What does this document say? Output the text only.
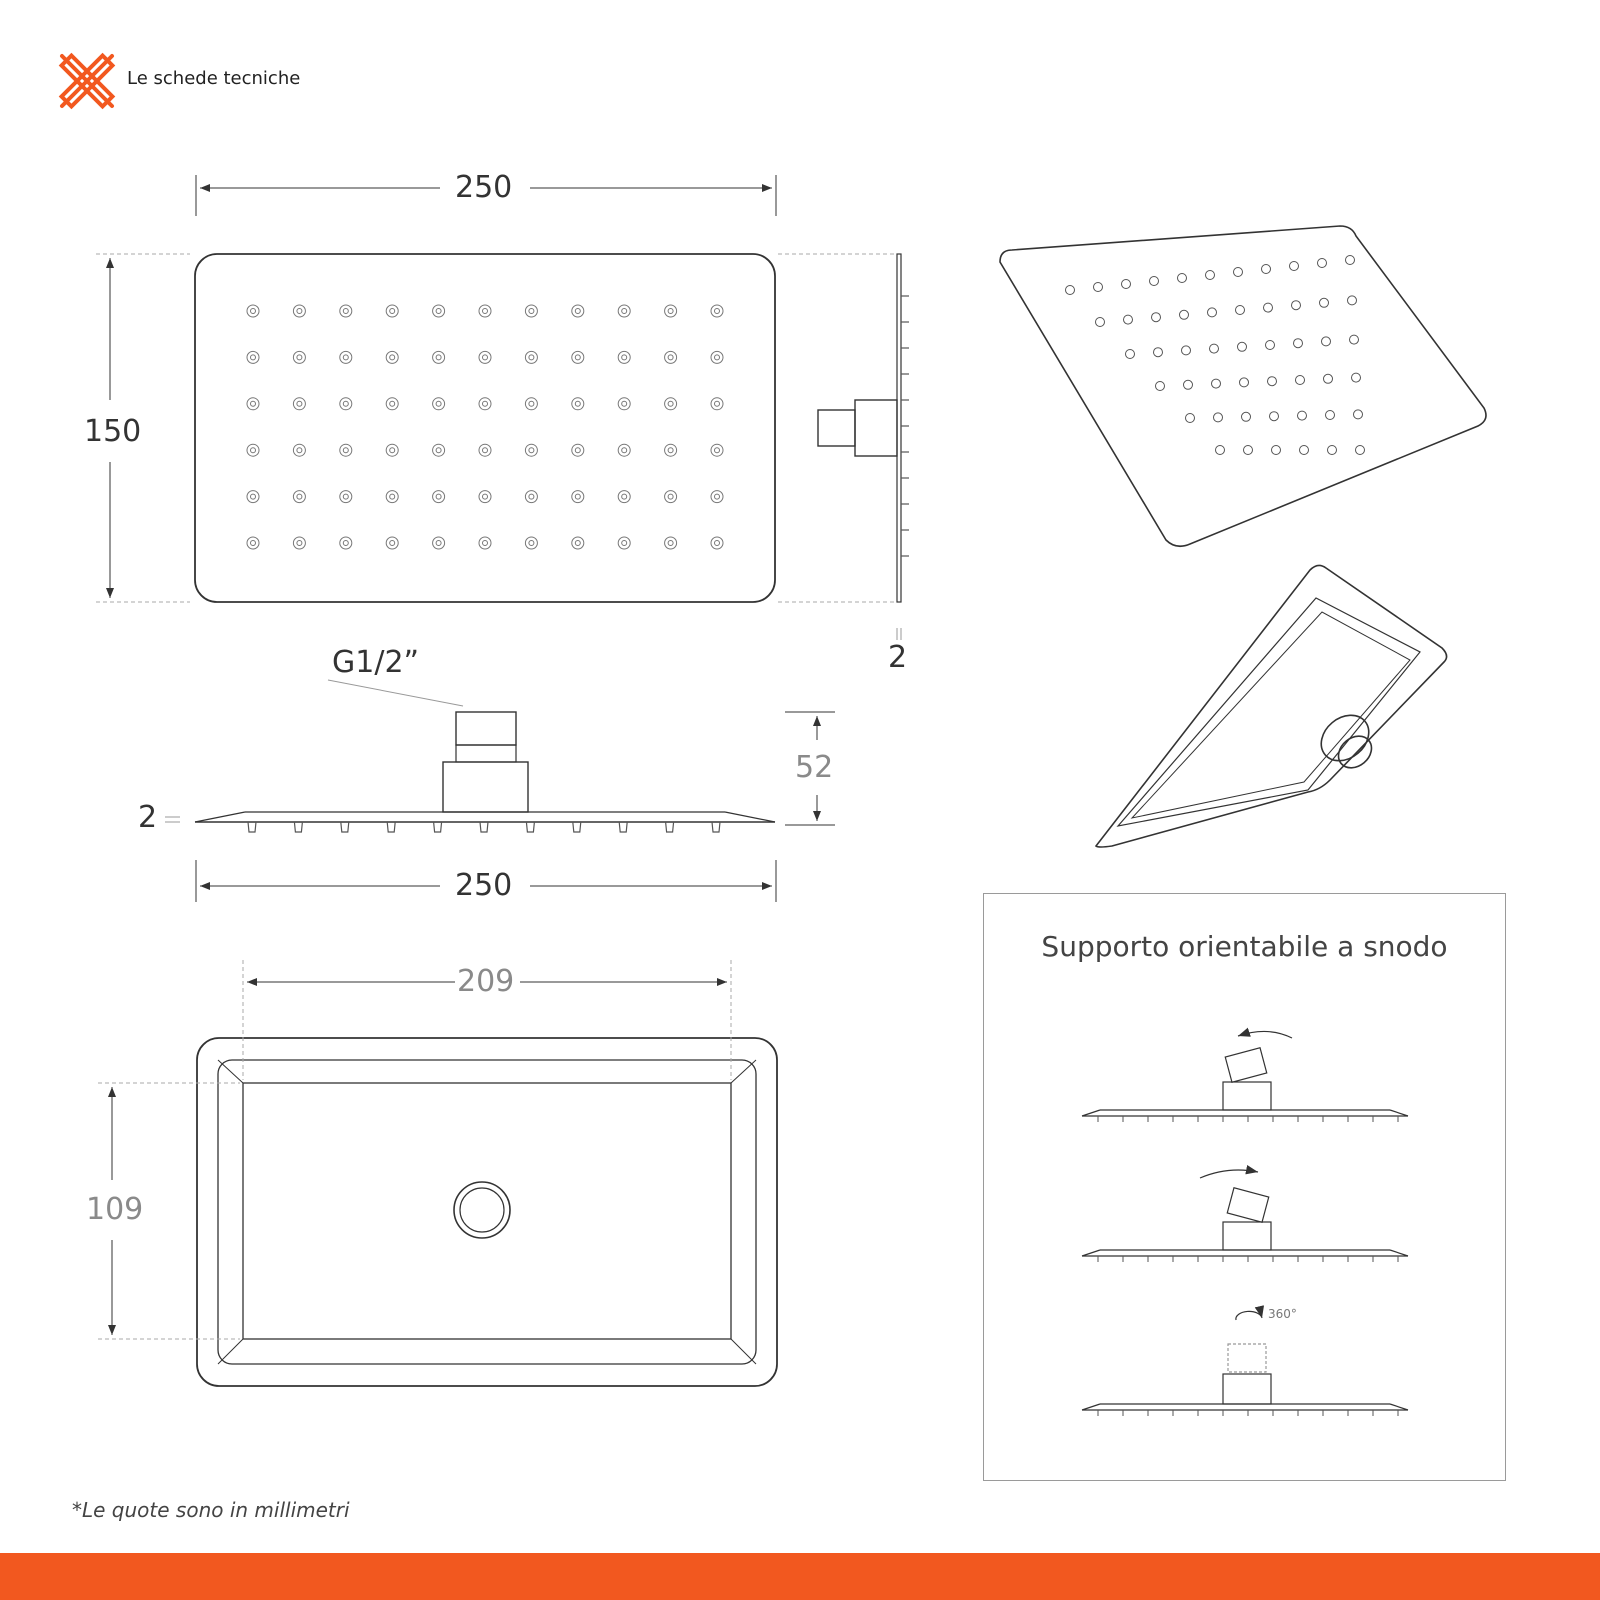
Le schede tecniche
250
150
2
G1/2”
52
2
250
209
109
Supporto orientabile a snodo
360°
*Le quote sono in millimetri
